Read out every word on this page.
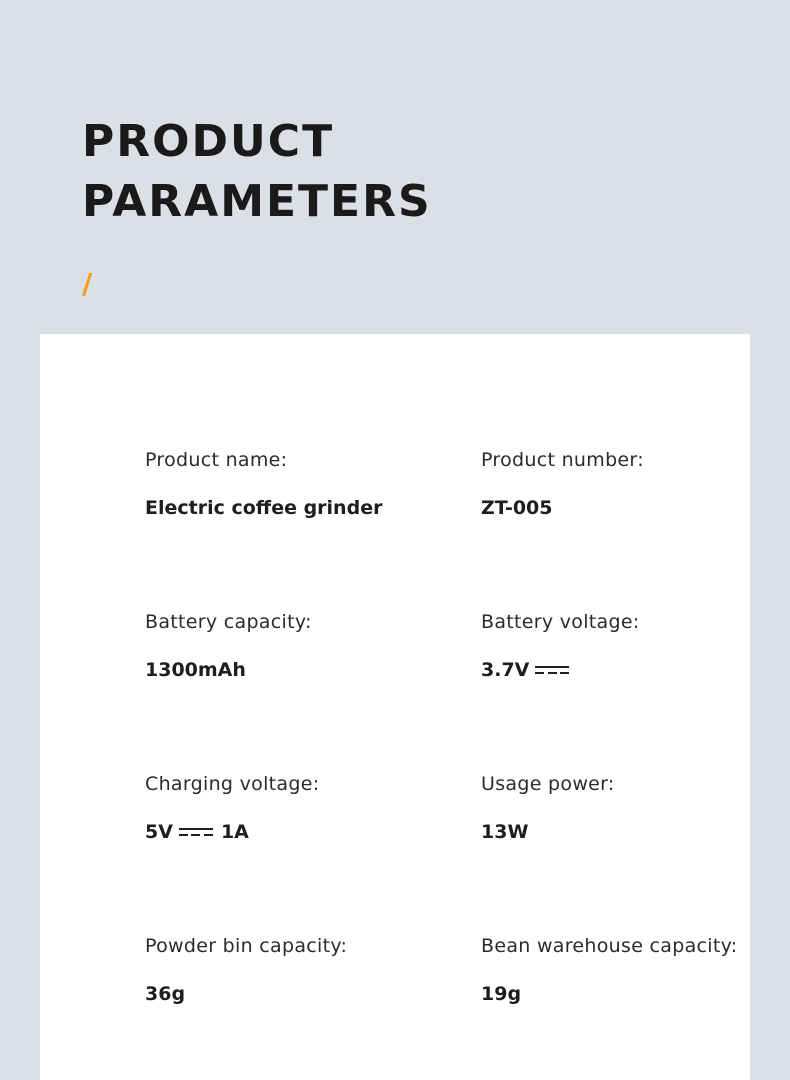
PRODUCT
PARAMETERS
/
Product name:
Electric coffee grinder
Product number:
ZT-005
Battery capacity:
1300mAh
Battery voltage:
3.7V
Charging voltage:
5V	1A
Usage power:
13W
Powder bin capacity:
36g
Bean warehouse capacity:
19g
